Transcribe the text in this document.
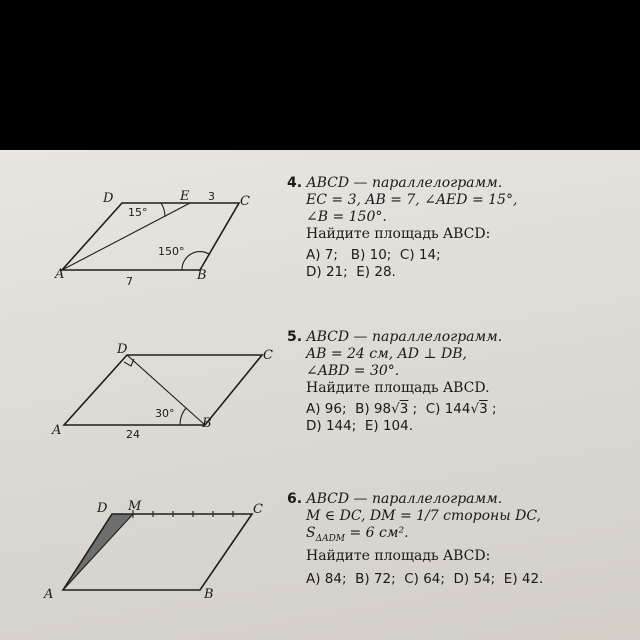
D	E	C
A	B
3
7
15°
150°
D	C
A	B
24
30°
D M	C
A	B
4. ABCD — параллелограмм.
EC = 3, AB = 7, ∠AED = 15°,
∠B = 150°.
Найдите площадь ABCD:
A) 7;   B) 10;  C) 14;
D) 21;  E) 28.
5. ABCD — параллелограмм.
AB = 24 см, AD ⊥ DB,
∠ABD = 30°.
Найдите площадь ABCD.
A) 96;  B) 98√3 ;  C) 144√3 ;
D) 144;  E) 104.
6. ABCD — параллелограмм.
M ∈ DC, DM = 1/7 стороны DC,
$S_{\Delta ADM} = 6$ см².
Найдите площадь ABCD:
A) 84;  B) 72;  C) 64;  D) 54;  E) 42.
